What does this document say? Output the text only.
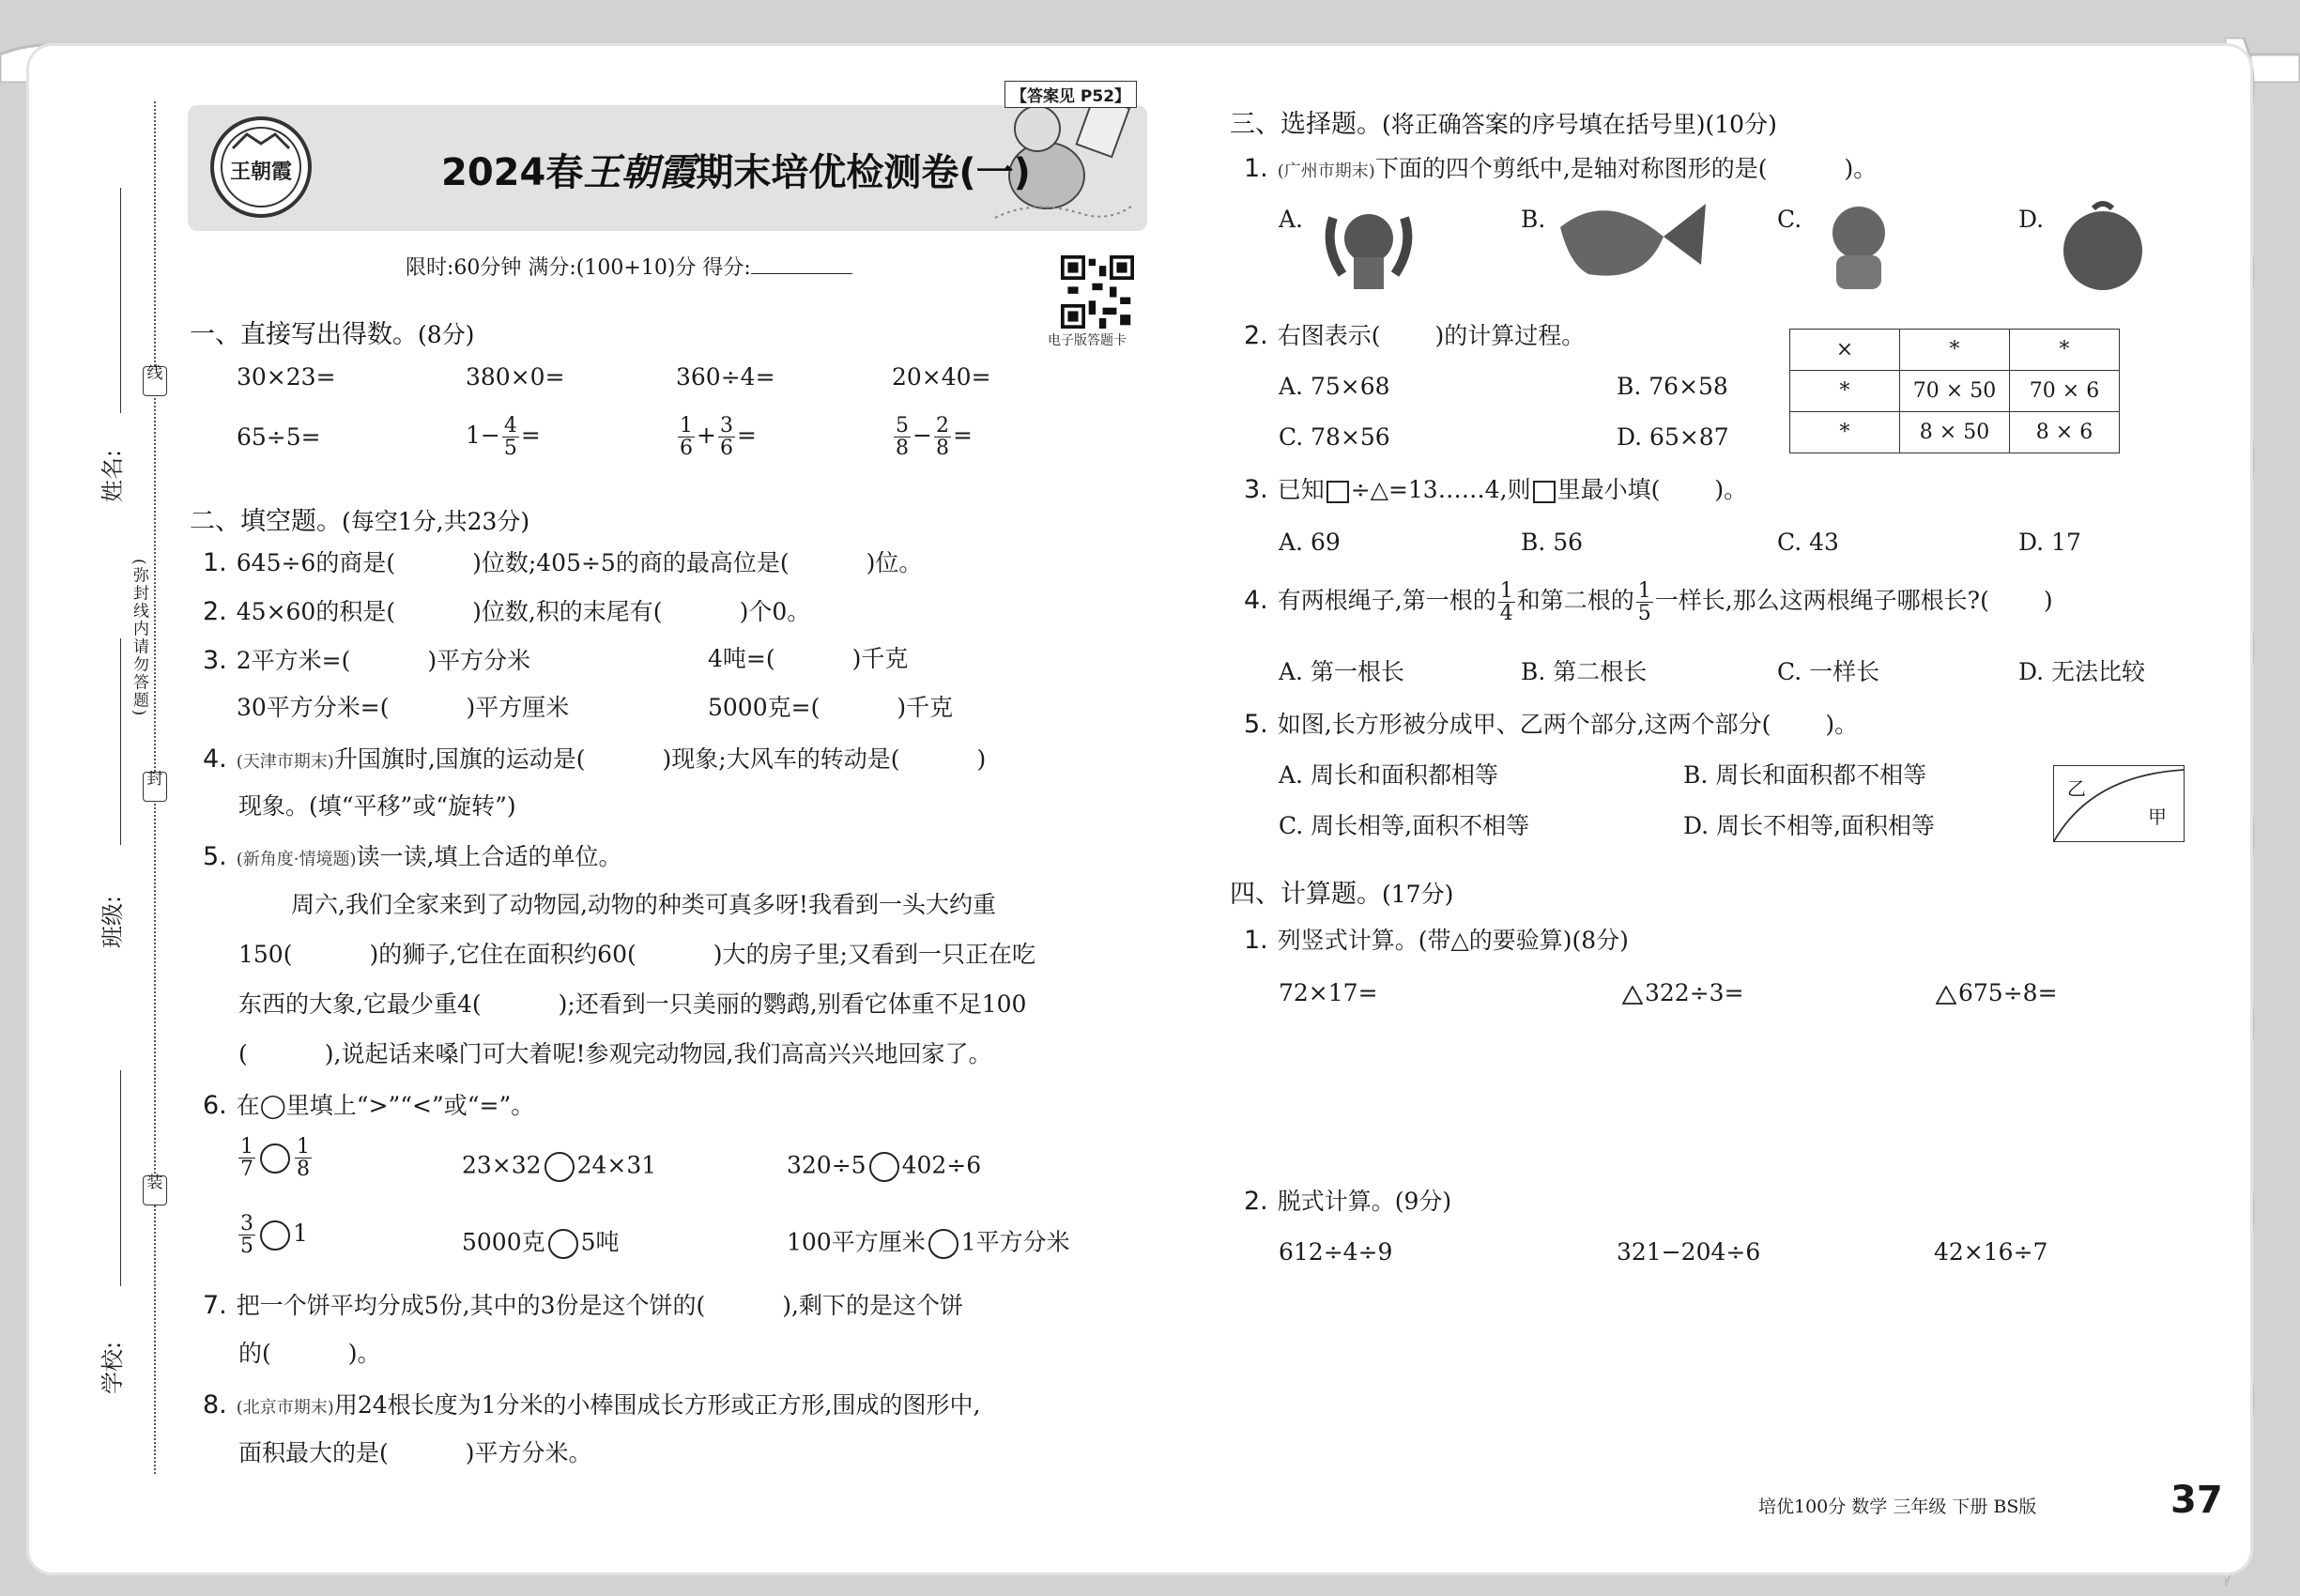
姓名:
班级:
学校:
线
封
装
(弥封线内请勿答题)
王朝霞
【答案见 P52】
2024春王朝霞期末培优检测卷(一)
限时:60分钟 满分:(100+10)分 得分:
电子版答题卡
一、直接写出得数。(8分)
30×23=	380×0=	360÷4=	20×40=
65÷5=	$1- \frac{4}{5}$ =	$\frac{1}{6} + \frac{3}{6}$ =	$\frac{5}{8} - \frac{2}{8}$ =
二、填空题。(每空1分,共23分)
1. 645÷6的商是(	)位数;405÷5的商的最高位是(	)位。
2. 45×60的积是(	)位数,积的末尾有(	)个0。
3. 2平方米=(	)平方分米	4吨=(	)千克
30平方分米=(	)平方厘米	5000克=(	)千克
4. (天津市期末)升国旗时,国旗的运动是(	)现象;大风车的转动是(	)
现象。(填“平移”或“旋转”)
5. (新角度·情境题)读一读,填上合适的单位。
周六,我们全家来到了动物园,动物的种类可真多呀!我看到一头大约重
150(	)的狮子,它住在面积约60(	)大的房子里;又看到一只正在吃
东西的大象,它最少重4(	);还看到一只美丽的鹦鹉,别看它体重不足100
(	),说起话来嗓门可大着呢!参观完动物园,我们高高兴兴地回家了。
6. 在◯里填上“>”“<”或“=”。
$\frac{1}{7} \frac{1}{8}$	23×32 24×31	320÷5 402÷6
$\frac{3}{5} 1$	5000克 5吨	100平方厘米 1平方分米
7. 把一个饼平均分成5份,其中的3份是这个饼的(	),剩下的是这个饼
的(	)。
8. (北京市期末)用24根长度为1分米的小棒围成长方形或正方形,围成的图形中,
面积最大的是(	)平方分米。
三、选择题。(将正确答案的序号填在括号里)(10分)
1. (广州市期末)下面的四个剪纸中,是轴对称图形的是(	)。
A.	B.	C.	D.
2. 右图表示( )的计算过程。
A. 75×68	B. 76×58
C. 78×56	D. 65×87
×	*	*
*	70 × 50	70 × 6
*	8 × 50	8 × 6
3. 已知 ÷△=13……4,则 里最小填( )。
A. 69	B. 56	C. 43	D. 17
4. 有两根绳子,第一根的 $\frac{1}{4}$ 和第二根的 $\frac{1}{5}$ 一样长,那么这两根绳子哪根长?( )
A. 第一根长	B. 第二根长	C. 一样长	D. 无法比较
5. 如图,长方形被分成甲、乙两个部分,这两个部分( )。
A. 周长和面积都相等	B. 周长和面积都不相等
C. 周长相等,面积不相等	D. 周长不相等,面积相等
乙
甲
四、计算题。(17分)
1. 列竖式计算。(带△的要验算)(8分)
72×17=	322÷3=	675÷8=
2. 脱式计算。(9分)
612÷4÷9	321−204÷6	42×16÷7
培优100分 数学 三年级 下册 BS版	37
